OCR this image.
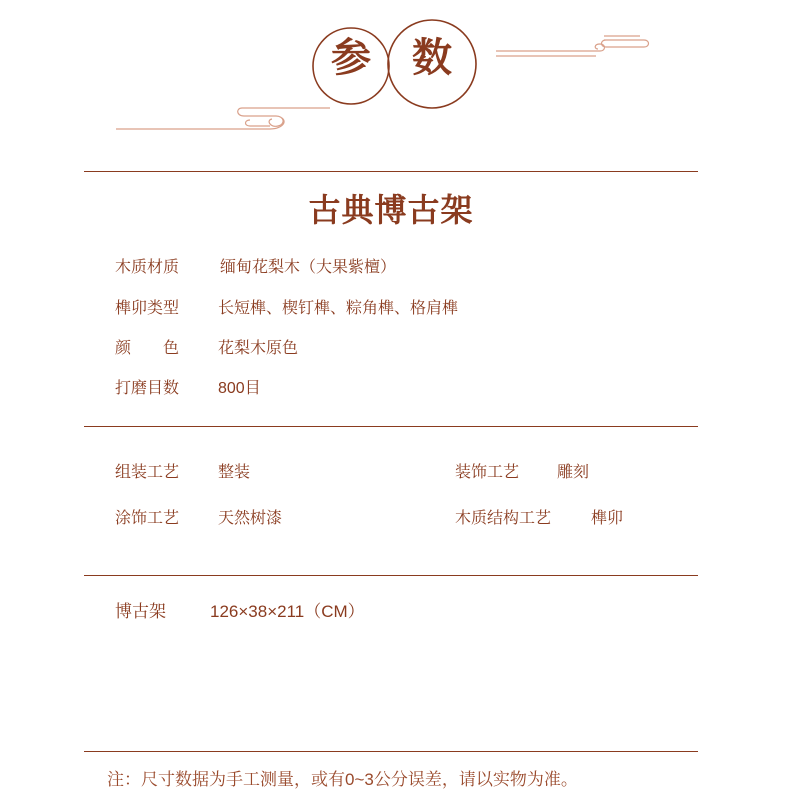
参	数
古典博古架
木质材质	缅甸花梨木（大果紫檀）
榫卯类型 长短榫、楔钉榫、粽角榫、格肩榫
颜　　色 花梨木原色
打磨目数 800目
组装工艺 整装	装饰工艺 雕刻
涂饰工艺 天然树漆	木质结构工艺 榫卯
博古架	126×38×211（CM）
注：尺寸数据为手工测量，或有0~3公分误差，请以实物为准。
